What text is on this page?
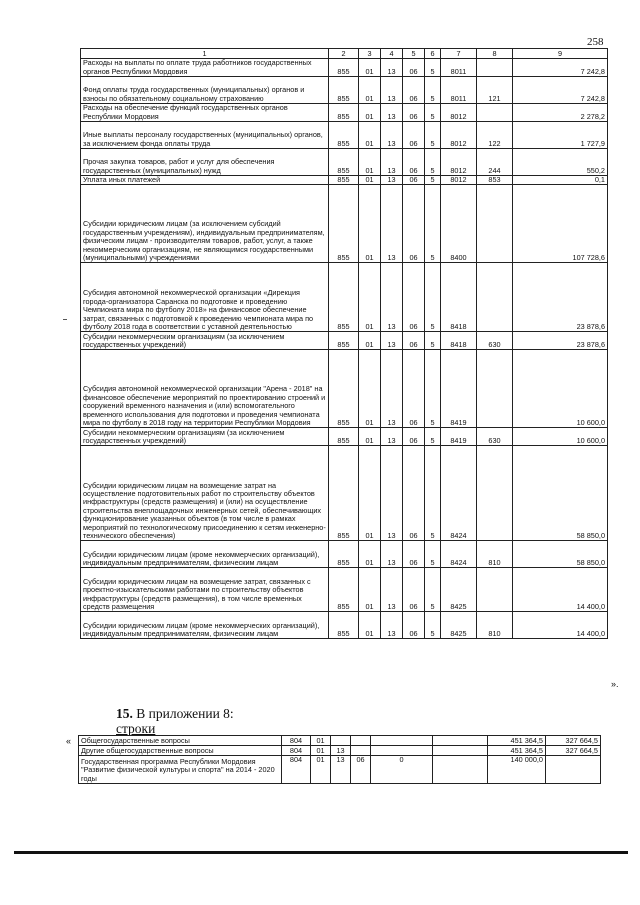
258
1	2	3	4	5	6	7	8	9
Расходы на выплаты по оплате труда работников государственных органов Республики Мордовия	855	01	13	06	5	8011		7 242,8
Фонд оплаты труда государственных (муниципальных) органов и взносы по обязательному социальному страхованию	855	01	13	06	5	8011	121	7 242,8
Расходы на обеспечение функций государственных органов Республики Мордовия	855	01	13	06	5	8012		2 278,2
Иные выплаты персоналу государственных (муниципальных) органов, за исключением фонда оплаты труда	855	01	13	06	5	8012	122	1 727,9
Прочая закупка товаров, работ и услуг для обеспечения государственных (муниципальных) нужд	855	01	13	06	5	8012	244	550,2
Уплата иных платежей	855	01	13	06	5	8012	853	0,1
Субсидии юридическим лицам (за исключением субсидий государственным учреждениям), индивидуальным предпринимателям, физическим лицам - производителям товаров, работ, услуг, а также некоммерческим организациям, не являющимся государственными (муниципальными) учреждениями	855	01	13	06	5	8400		107 728,6
Субсидия автономной некоммерческой организации «Дирекция города-организатора Саранска по подготовке и проведению Чемпионата мира по футболу 2018» на финансовое обеспечение затрат, связанных с подготовкой к проведению чемпионата мира по футболу 2018 года в соответствии с уставной деятельностью	855	01	13	06	5	8418		23 878,6
Субсидии некоммерческим организациям (за исключением государственных учреждений)	855	01	13	06	5	8418	630	23 878,6
Субсидия автономной некоммерческой организации "Арена - 2018" на финансовое обеспечение мероприятий по проектированию строений и сооружений временного назначения и (или) вспомогательного временного использования для подготовки и проведения чемпионата мира по футболу в 2018 году на территории Республики Мордовия	855	01	13	06	5	8419		10 600,0
Субсидии некоммерческим организациям (за исключением государственных учреждений)	855	01	13	06	5	8419	630	10 600,0
Субсидии юридическим лицам на возмещение затрат на осуществление подготовительных работ по строительству объектов инфраструктуры (средств размещения) и (или) на осуществление строительства внеплощадочных инженерных сетей, обеспечивающих функционирование указанных объектов (в том числе в рамках мероприятий по технологическому присоединению к сетям инженерно-технического обеспечения)	855	01	13	06	5	8424		58 850,0
Субсидии юридическим лицам (кроме некоммерческих организаций), индивидуальным предпринимателям, физическим лицам	855	01	13	06	5	8424	810	58 850,0
Субсидии юридическим лицам на возмещение затрат, связанных с проектно-изыскательскими работами по строительству объектов инфраструктуры (средств размещения), в том числе временных средств размещения	855	01	13	06	5	8425		14 400,0
Субсидии юридическим лицам (кроме некоммерческих организаций), индивидуальным предпринимателям, физическим лицам	855	01	13	06	5	8425	810	14 400,0
».
15. В приложении 8:
строки
« Общегосударственные вопросы	804	01					451 364,5	327 664,5
Другие общегосударственные вопросы	804	01	13				451 364,5	327 664,5
Государственная программа Республики Мордовия "Развитие физической культуры и спорта" на 2014 - 2020 годы	804	01	13	06	0		140 000,0	
